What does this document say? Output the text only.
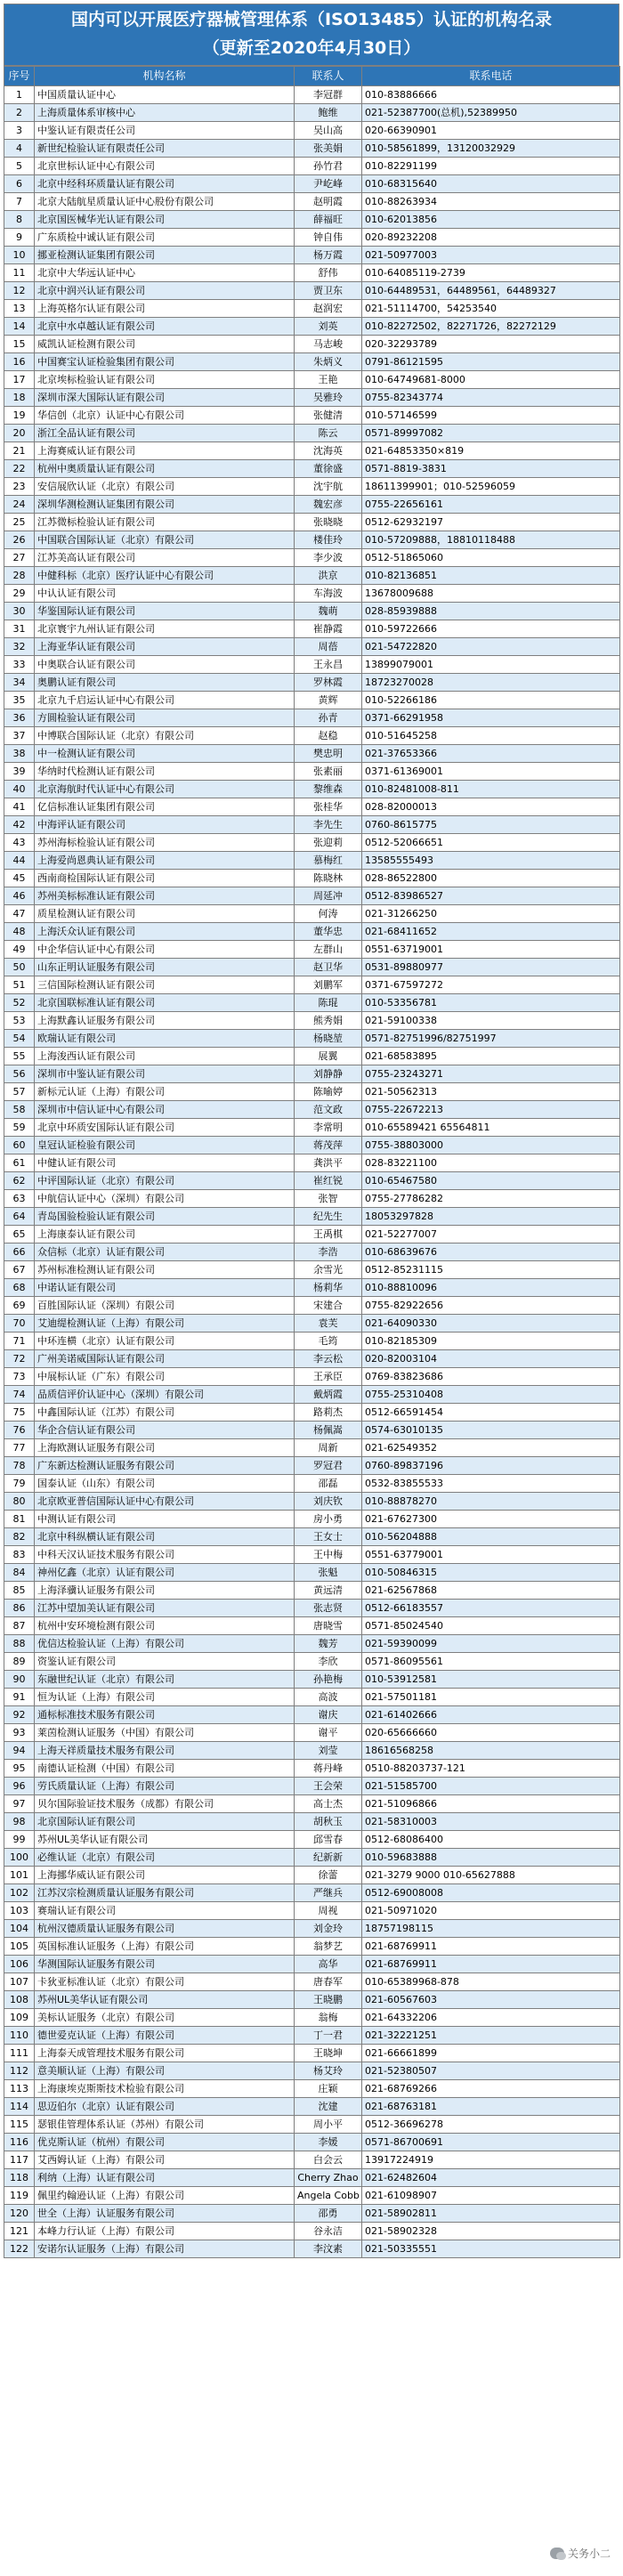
国内可以开展医疗器械管理体系（ISO13485）认证的机构名录
（更新至2020年4月30日）
序号	机构名称	联系人	联系电话
1	中国质量认证中心	李冠群	010-83886666
2	上海质量体系审核中心	鲍维	021-52387700(总机),52389950
3	中鉴认证有限责任公司	吴山高	020-66390901
4	新世纪检验认证有限责任公司	张美娟	010-58561899，13120032929
5	北京世标认证中心有限公司	孙竹君	010-82291199
6	北京中经科环质量认证有限公司	尹屹峰	010-68315640
7	北京大陆航星质量认证中心股份有限公司	赵明霞	010-88263934
8	北京国医械华光认证有限公司	薛福旺	010-62013856
9	广东质检中诚认证有限公司	钟自伟	020-89232208
10	挪亚检测认证集团有限公司	杨万霞	021-50977003
11	北京中大华远认证中心	舒伟	010-64085119-2739
12	北京中润兴认证有限公司	贾卫东	010-64489531，64489561，64489327
13	上海英格尔认证有限公司	赵润宏	021-51114700，54253540
14	北京中水卓越认证有限公司	刘英	010-82272502，82271726，82272129
15	威凯认证检测有限公司	马志峻	020-32293789
16	中国赛宝认证检验集团有限公司	朱炳义	0791-86121595
17	北京埃标检验认证有限公司	王艳	010-64749681-8000
18	深圳市深大国际认证有限公司	吴雅玲	0755-82343774
19	华信创（北京）认证中心有限公司	张健清	010-57146599
20	浙江全品认证有限公司	陈云	0571-89997082
21	上海赛威认证有限公司	沈海英	021-64853350×819
22	杭州中奥质量认证有限公司	董徐盛	0571-8819-3831
23	安信展欣认证（北京）有限公司	沈宇航	18611399901；010-52596059
24	深圳华测检测认证集团有限公司	魏宏彦	0755-22656161
25	江苏微标检验认证有限公司	张晓晓	0512-62932197
26	中国联合国际认证（北京）有限公司	楼佳玲	010-57209888，18810118488
27	江苏美高认证有限公司	李少波	0512-51865060
28	中健科标（北京）医疗认证中心有限公司	洪京	010-82136851
29	中认认证有限公司	车海波	13678009688
30	华鉴国际认证有限公司	魏萌	028-85939888
31	北京寰宇九州认证有限公司	崔静霞	010-59722666
32	上海亚华认证有限公司	周蓓	021-54722820
33	中奥联合认证有限公司	王永昌	13899079001
34	奥鹏认证有限公司	罗林霞	18723270028
35	北京九千启运认证中心有限公司	黄辉	010-52266186
36	方圆检验认证有限公司	孙青	0371-66291958
37	中博联合国际认证（北京）有限公司	赵稳	010-51645258
38	中一检测认证有限公司	樊忠明	021-37653366
39	华纳时代检测认证有限公司	张素丽	0371-61369001
40	北京海航时代认证中心有限公司	黎维森	010-82481008-811
41	亿信标准认证集团有限公司	张桂华	028-82000013
42	中海评认证有限公司	李先生	0760-8615775
43	苏州海标检验认证有限公司	张迎莉	0512-52066651
44	上海爱尚恩典认证有限公司	慕梅红	13585555493
45	西南商检国际认证有限公司	陈晓林	028-86522800
46	苏州美标标准认证有限公司	周延冲	0512-83986527
47	质星检测认证有限公司	何涛	021-31266250
48	上海沃众认证有限公司	董华忠	021-68411652
49	中企华信认证中心有限公司	左群山	0551-63719001
50	山东正明认证服务有限公司	赵卫华	0531-89880977
51	三信国际检测认证有限公司	刘鹏军	0371-67597272
52	北京国联标准认证有限公司	陈琨	010-53356781
53	上海默鑫认证服务有限公司	熊秀娟	021-59100338
54	欧瑞认证有限公司	杨晓堃	0571-82751996/82751997
55	上海浚西认证有限公司	展翼	021-68583895
56	深圳市中鉴认证有限公司	刘静静	0755-23243271
57	新标元认证（上海）有限公司	陈喻婷	021-50562313
58	深圳市中信认证中心有限公司	范文政	0755-22672213
59	北京中环质安国际认证有限公司	李常明	010-65589421 65564811
60	皇冠认证检验有限公司	蒋茂萍	0755-38803000
61	中健认证有限公司	龚洪平	028-83221100
62	中评国际认证（北京）有限公司	崔红锐	010-65467580
63	中航信认证中心（深圳）有限公司	张智	0755-27786282
64	青岛国验检验认证有限公司	纪先生	18053297828
65	上海康泰认证有限公司	王禹棋	021-52277007
66	众信标（北京）认证有限公司	李浩	010-68639676
67	苏州标准检测认证有限公司	余雪光	0512-85231115
68	中诺认证有限公司	杨莉华	010-88810096
69	百胜国际认证（深圳）有限公司	宋建合	0755-82922656
70	艾迪缇检测认证（上海）有限公司	袁芙	021-64090330
71	中环连横（北京）认证有限公司	毛筠	010-82185309
72	广州美诺威国际认证有限公司	李云松	020-82003104
73	中展标认证（广东）有限公司	王承臣	0769-83823686
74	品质信评价认证中心（深圳）有限公司	戴炳霞	0755-25310408
75	中鑫国际认证（江苏）有限公司	路莉杰	0512-66591454
76	华企合信认证有限公司	杨佩嵩	0574-63010135
77	上海欧测认证服务有限公司	周新	021-62549352
78	广东新达检测认证服务有限公司	罗冠君	0760-89837196
79	国泰认证（山东）有限公司	邵磊	0532-83855533
80	北京欧亚普信国际认证中心有限公司	刘庆钦	010-88878270
81	中测认证有限公司	房小勇	021-67627300
82	北京中科纵横认证有限公司	王女士	010-56204888
83	中科天汉认证技术服务有限公司	王中梅	0551-63779001
84	神州亿鑫（北京）认证有限公司	张魁	010-50846315
85	上海泽骥认证服务有限公司	黄远清	021-62567868
86	江苏中望加美认证有限公司	张志贤	0512-66183557
87	杭州中安环境检测有限公司	唐晓雪	0571-85024540
88	优信达检验认证（上海）有限公司	魏芳	021-59390099
89	资鉴认证有限公司	李欣	0571-86095561
90	东融世纪认证（北京）有限公司	孙艳梅	010-53912581
91	恒为认证（上海）有限公司	高波	021-57501181
92	通标标准技术服务有限公司	谢庆	021-61402666
93	莱茵检测认证服务（中国）有限公司	谢平	020-65666660
94	上海天祥质量技术服务有限公司	刘莹	18616568258
95	南德认证检测（中国）有限公司	蒋丹峰	0510-88203737-121
96	劳氏质量认证（上海）有限公司	王会荣	021-51585700
97	贝尔国际验证技术服务（成都）有限公司	高士杰	021-51096866
98	北京国际认证有限公司	胡秋玉	021-58310003
99	苏州UL美华认证有限公司	邱雪春	0512-68086400
100	必维认证（北京）有限公司	纪新新	010-59683888
101	上海挪华威认证有限公司	徐蕾	021-3279 9000 010-65627888
102	江苏汉宗检测质量认证服务有限公司	严继兵	0512-69008008
103	赛瑞认证有限公司	周视	021-50971020
104	杭州汉德质量认证服务有限公司	刘金玲	18757198115
105	英国标准认证服务（上海）有限公司	翁梦艺	021-68769911
106	华测国际认证服务有限公司	高华	021-68769911
107	卡狄亚标准认证（北京）有限公司	唐春军	010-65389968-878
108	苏州UL美华认证有限公司	王晓鹏	021-60567603
109	美标认证服务（北京）有限公司	翁梅	021-64332206
110	德世爱克认证（上海）有限公司	丁一君	021-32221251
111	上海泰天成管理技术服务有限公司	王晓坤	021-66661899
112	意美顺认证（上海）有限公司	杨艾玲	021-52380507
113	上海康埃克斯斯技术检验有限公司	庄颖	021-68769266
114	思迈伯尔（北京）认证有限公司	沈建	021-68763181
115	瑟银佳管理体系认证（苏州）有限公司	周小平	0512-36696278
116	优克斯认证（杭州）有限公司	李媛	0571-86700691
117	艾西姆认证（上海）有限公司	白会云	13917224919
118	利纳（上海）认证有限公司	Cherry Zhao	021-62482604
119	佩里约翰逊认证（上海）有限公司	Angela Cobb	021-61098907
120	世全（上海）认证服务有限公司	邵勇	021-58902811
121	本峰力行认证（上海）有限公司	谷永洁	021-58902328
122	安诺尔认证服务（上海）有限公司	李汶素	021-50335551
关务小二
